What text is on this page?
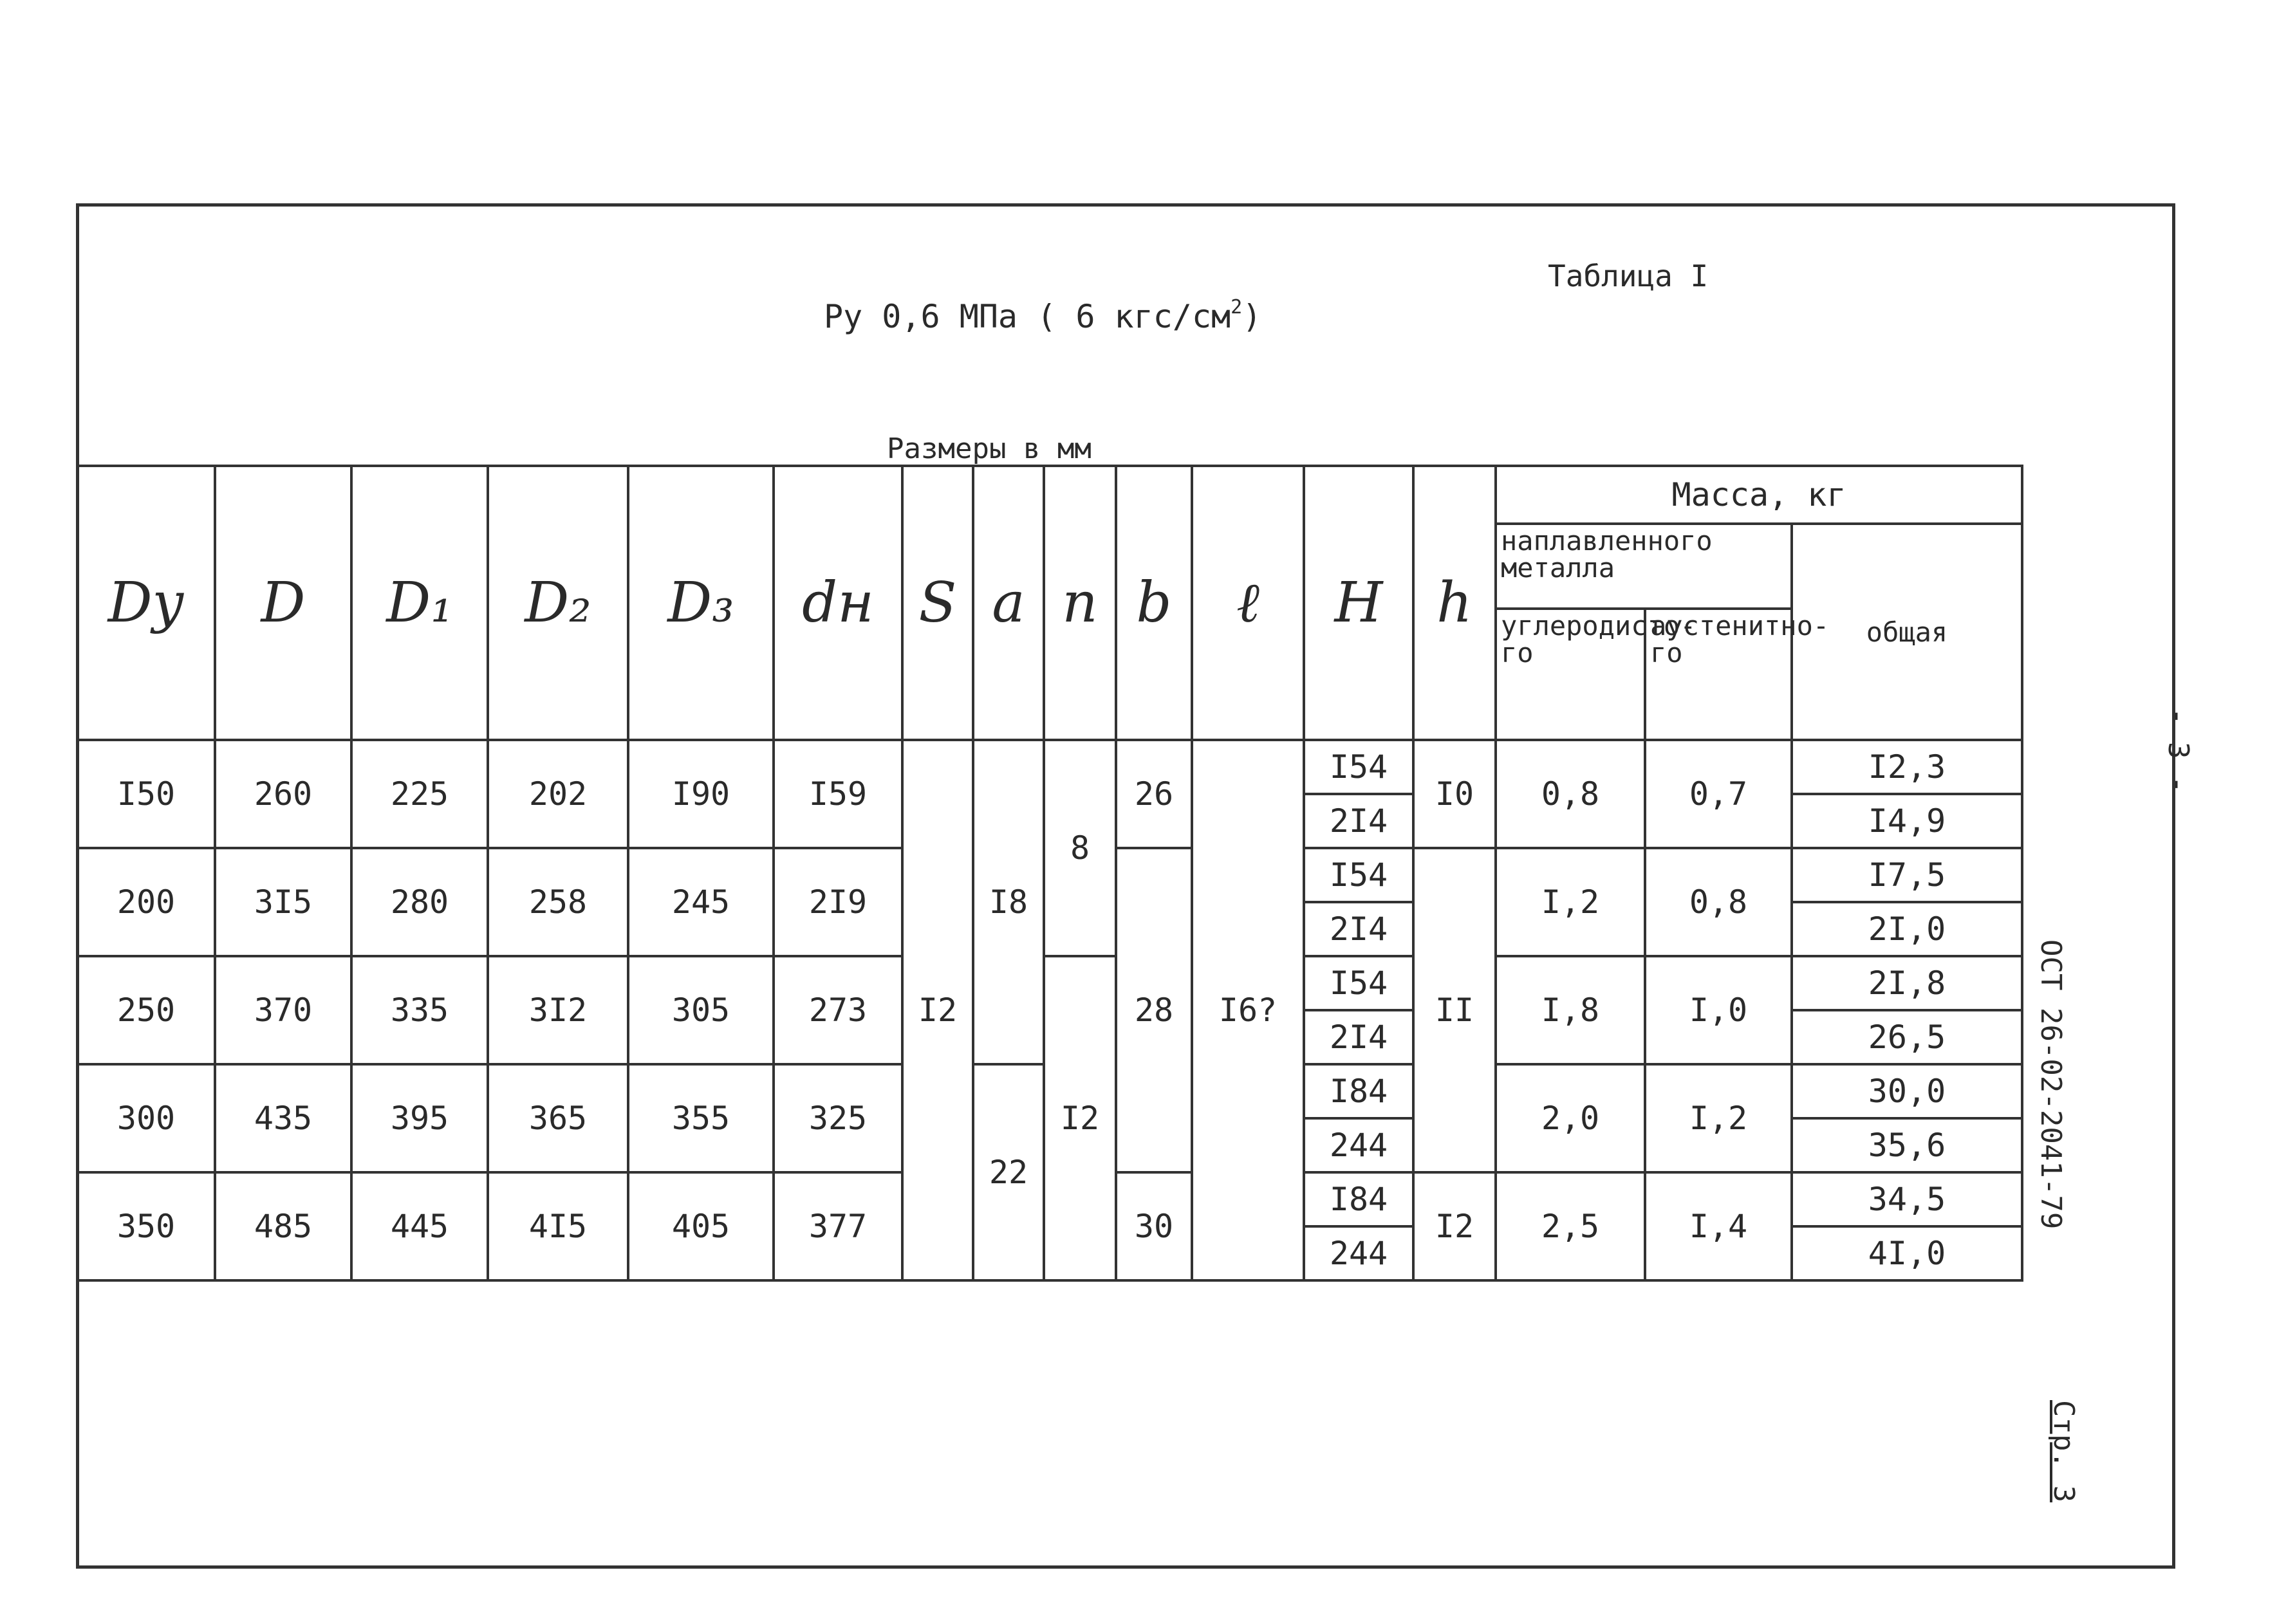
Таблица I
Ру 0,6 МПа ( 6 кгс/$см^2$)
Размеры в мм
- 3 -
ОСТ 26-02-2041-79
Стр. 3
Dу	D	D₁	D₂	D₃	dн	S	a	n	b	ℓ	H	h	Масса, кг		
													наплавленного металла		общая
													углеродисто-го	аустенитно-го	
I50	260	225	202	I90	I59	I2	I8	8	26	I6?	I54	I0	0,8	0,7	I2,3
											2I4				I4,9
200	3I5	280	258	245	2I9				28		I54	II	I,2	0,8	I7,5
											2I4				2I,0
250	370	335	3I2	305	273			I2			I54		I,8	I,0	2I,8
											2I4				26,5
300	435	395	365	355	325		22				I84		2,0	I,2	30,0
											244				35,6
350	485	445	4I5	405	377				30		I84	I2	2,5	I,4	34,5
											244				4I,0
